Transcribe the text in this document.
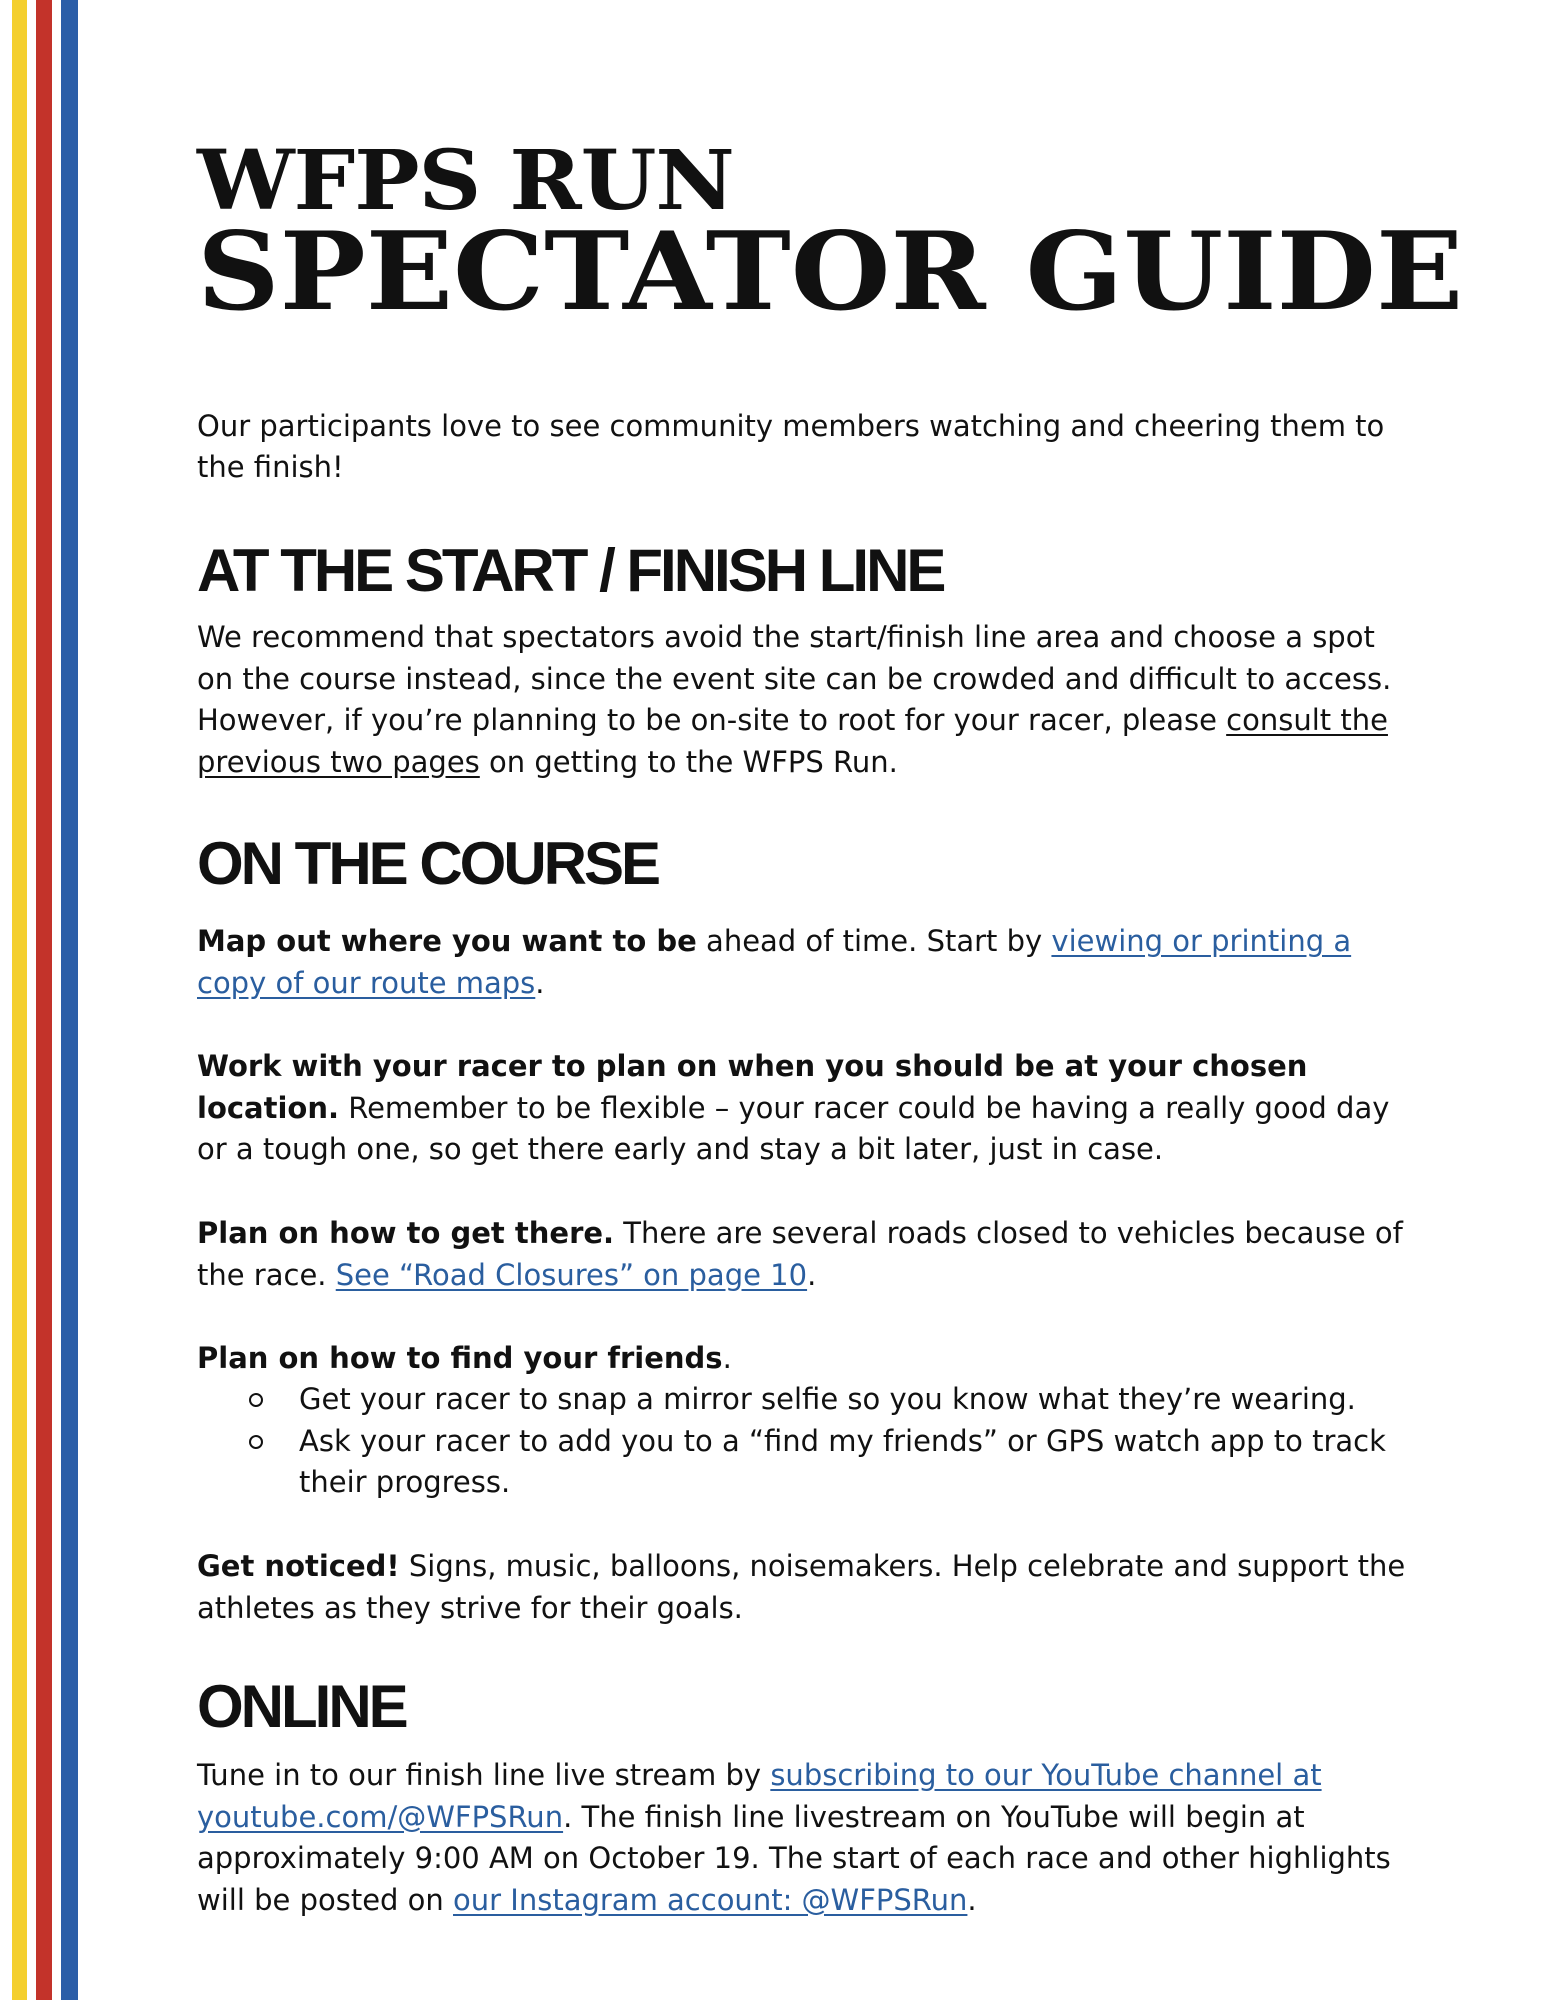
WFPS RUN
SPECTATOR GUIDE

Our participants love to see community members watching and cheering them to the finish!

AT THE START / FINISH LINE

We recommend that spectators avoid the start/finish line area and choose a spot on the course instead, since the event site can be crowded and difficult to access. However, if you’re planning to be on-site to root for your racer, please consult the previous two pages on getting to the WFPS Run.

ON THE COURSE

Map out where you want to be ahead of time. Start by viewing or printing a copy of our route maps.

Work with your racer to plan on when you should be at your chosen location. Remember to be flexible – your racer could be having a really good day or a tough one, so get there early and stay a bit later, just in case.

Plan on how to get there. There are several roads closed to vehicles because of the race. See “Road Closures” on page 10.

Plan on how to find your friends.

Get your racer to snap a mirror selfie so you know what they’re wearing.
Ask your racer to add you to a “find my friends” or GPS watch app to track their progress.

Get noticed! Signs, music, balloons, noisemakers. Help celebrate and support the athletes as they strive for their goals.

ONLINE

Tune in to our finish line live stream by subscribing to our YouTube channel at youtube.com/@WFPSRun. The finish line livestream on YouTube will begin at approximately 9:00 AM on October 19. The start of each race and other highlights will be posted on our Instagram account: @WFPSRun.
